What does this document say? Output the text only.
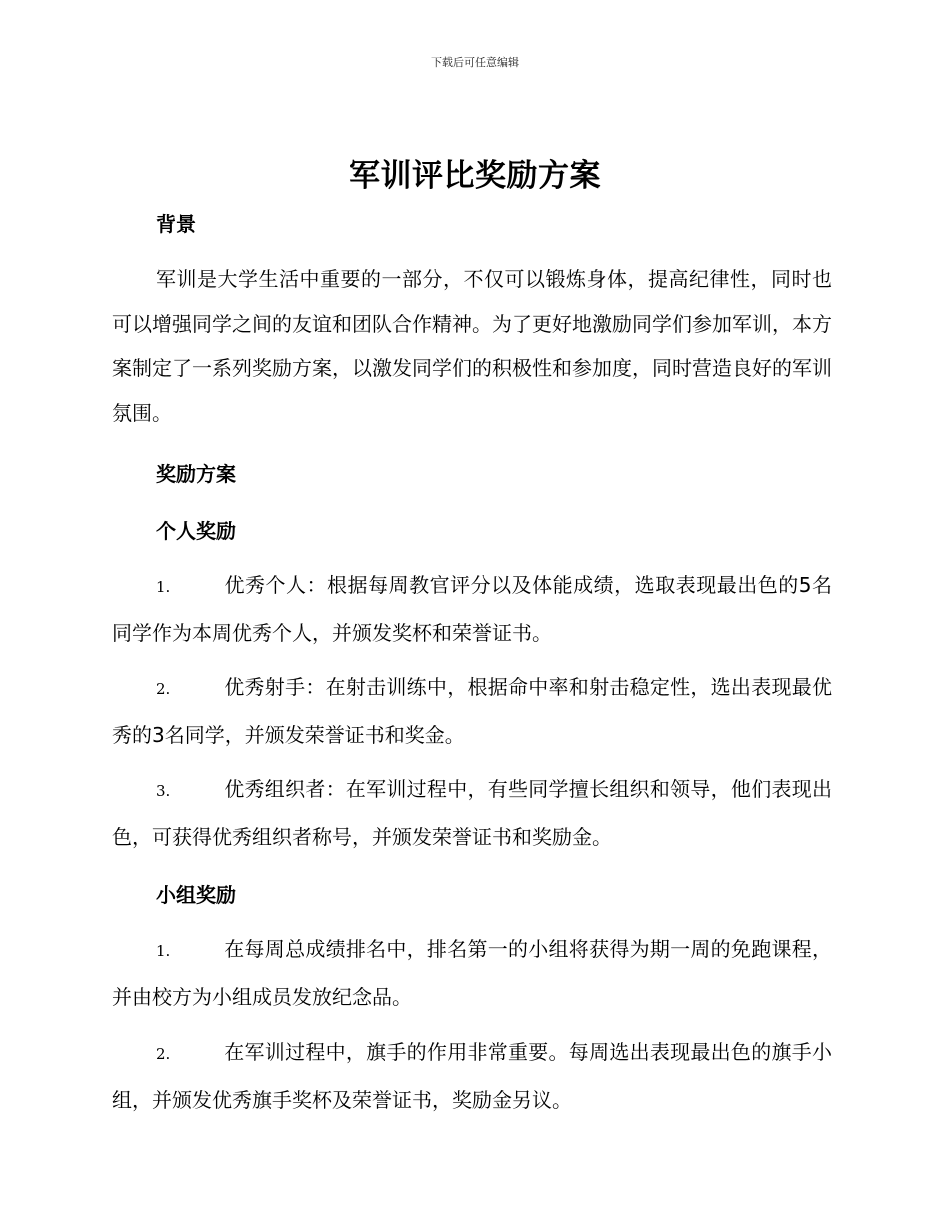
下载后可任意编辑
军训评比奖励方案
背景
军训是大学生活中重要的一部分，不仅可以锻炼身体，提高纪律性，同时也可以增强同学之间的友谊和团队合作精神。为了更好地激励同学们参加军训，本方案制定了一系列奖励方案，以激发同学们的积极性和参加度，同时营造良好的军训氛围。
奖励方案
个人奖励
1.	优秀个人：根据每周教官评分以及体能成绩，选取表现最出色的5名同学作为本周优秀个人，并颁发奖杯和荣誉证书。
2.	优秀射手：在射击训练中，根据命中率和射击稳定性，选出表现最优秀的3名同学，并颁发荣誉证书和奖金。
3.	优秀组织者：在军训过程中，有些同学擅长组织和领导，他们表现出色，可获得优秀组织者称号，并颁发荣誉证书和奖励金。
小组奖励
1.	在每周总成绩排名中，排名第一的小组将获得为期一周的免跑课程，并由校方为小组成员发放纪念品。
2.	在军训过程中，旗手的作用非常重要。每周选出表现最出色的旗手小组，并颁发优秀旗手奖杯及荣誉证书，奖励金另议。
